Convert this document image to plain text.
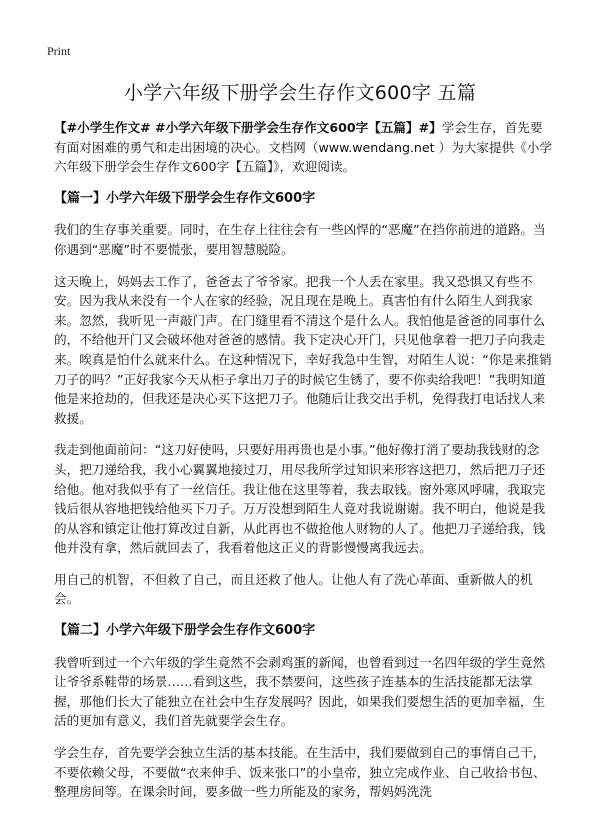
Print
小学六年级下册学会生存作文600字 五篇

【#小学生作文# #小学六年级下册学会生存作文600字【五篇】#】学会生存，首先要有面对困难的勇气和走出困境的决心。文档网（www.wendang.net ）为大家提供《小学六年级下册学会生存作文600字【五篇】》，欢迎阅读。

【篇一】小学六年级下册学会生存作文600字

我们的生存事关重要。同时，在生存上往往会有一些凶悍的“恶魔”在挡你前进的道路。当你遇到“恶魔”时不要慌张，要用智慧脱险。

这天晚上，妈妈去工作了，爸爸去了爷爷家。把我一个人丢在家里。我又恐惧又有些不安。因为我从来没有一个人在家的经验，况且现在是晚上。真害怕有什么陌生人到我家来。忽然，我听见一声敲门声。在门缝里看不清这个是什么人。我怕他是爸爸的同事什么的，不给他开门又会破坏他对爸爸的感情。我下定决心开门，只见他拿着一把刀子向我走来。唉真是怕什么就来什么。在这种情况下，幸好我急中生智，对陌生人说：“你是来推销刀子的吗？”正好我家今天从柜子拿出刀子的时候它生锈了，要不你卖给我吧！”我明知道他是来抢劫的，但我还是决心买下这把刀子。他随后让我交出手机，免得我打电话找人来救援。

我走到他面前问：“这刀好使吗，只要好用再贵也是小事。”他好像打消了要劫我钱财的念头，把刀递给我，我小心翼翼地接过刀，用尽我所学过知识来形容这把刀，然后把刀子还给他。他对我似乎有了一丝信任。我让他在这里等着，我去取钱。窗外寒风呼啸，我取完钱后很从容地把钱给他买下刀子。万万没想到陌生人竟对我说谢谢。我不明白，他说是我的从容和镇定让他打算改过自新，从此再也不做抢他人财物的人了。他把刀子递给我，钱他并没有拿，然后就回去了，我看着他这正义的背影慢慢离我远去。

用自己的机智，不但救了自己，而且还救了他人。让他人有了洗心革面、重新做人的机会。

【篇二】小学六年级下册学会生存作文600字

我曾听到过一个六年级的学生竟然不会剥鸡蛋的新闻，也曾看到过一名四年级的学生竟然让爷爷系鞋带的场景……看到这些，我不禁要问，这些孩子连基本的生活技能都无法掌握，那他们长大了能独立在社会中生存发展吗？因此，如果我们要想生活的更加幸福，生活的更加有意义，我们首先就要学会生存。

学会生存，首先要学会独立生活的基本技能。在生活中，我们要做到自己的事情自己干，不要依赖父母，不要做“衣来伸手、饭来张口”的小皇帝，独立完成作业、自己收拾书包、整理房间等。在课余时间，要多做一些力所能及的家务，帮妈妈洗洗
